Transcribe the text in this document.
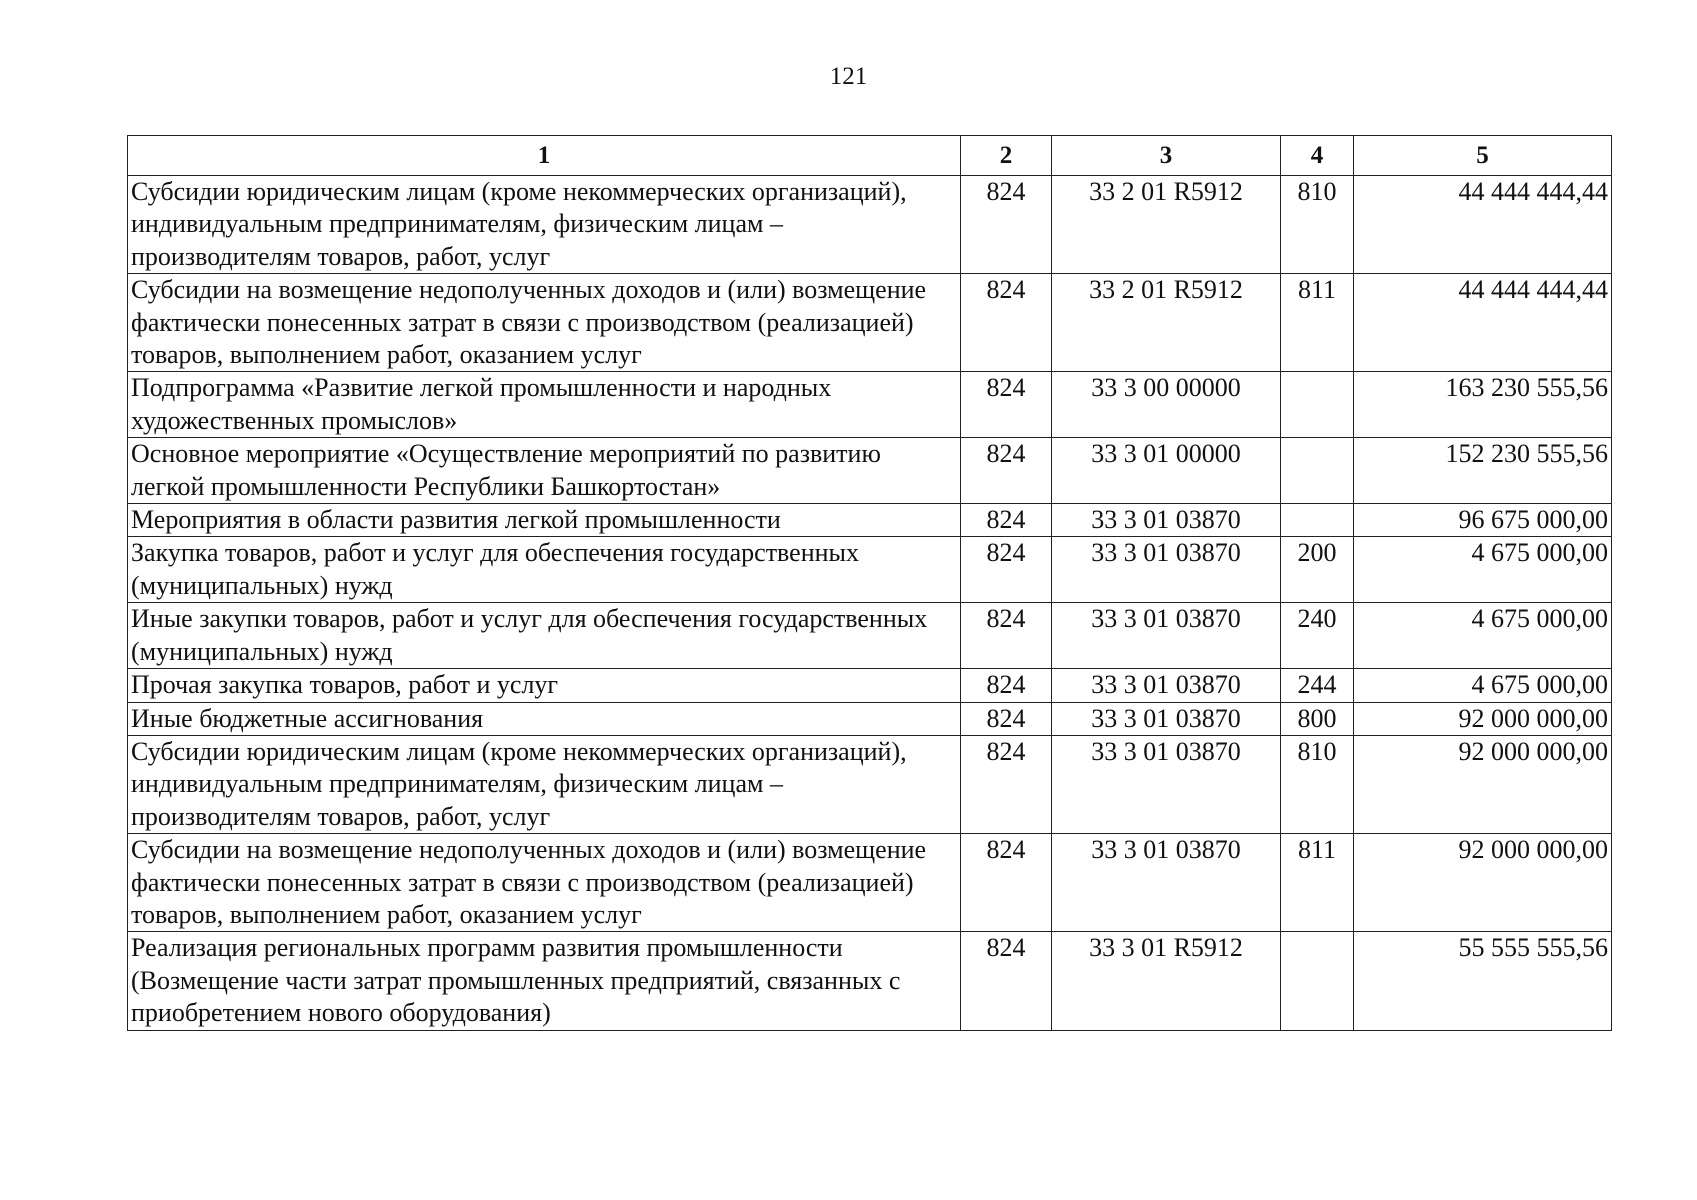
121
1	2	3	4	5
Субсидии юридическим лицам (кроме некоммерческих организаций), индивидуальным предпринимателям, физическим лицам – производителям товаров, работ, услуг	824	33 2 01 R5912	810	44 444 444,44
Субсидии на возмещение недополученных доходов и (или) возмещение фактически понесенных затрат в связи с производством (реализацией) товаров, выполнением работ, оказанием услуг	824	33 2 01 R5912	811	44 444 444,44
Подпрограмма «Развитие легкой промышленности и народных художественных промыслов»	824	33 3 00 00000		163 230 555,56
Основное мероприятие «Осуществление мероприятий по развитию легкой промышленности Республики Башкортостан»	824	33 3 01 00000		152 230 555,56
Мероприятия в области развития легкой промышленности	824	33 3 01 03870		96 675 000,00
Закупка товаров, работ и услуг для обеспечения государственных (муниципальных) нужд	824	33 3 01 03870	200	4 675 000,00
Иные закупки товаров, работ и услуг для обеспечения государственных (муниципальных) нужд	824	33 3 01 03870	240	4 675 000,00
Прочая закупка товаров, работ и услуг	824	33 3 01 03870	244	4 675 000,00
Иные бюджетные ассигнования	824	33 3 01 03870	800	92 000 000,00
Субсидии юридическим лицам (кроме некоммерческих организаций), индивидуальным предпринимателям, физическим лицам – производителям товаров, работ, услуг	824	33 3 01 03870	810	92 000 000,00
Субсидии на возмещение недополученных доходов и (или) возмещение фактически понесенных затрат в связи с производством (реализацией) товаров, выполнением работ, оказанием услуг	824	33 3 01 03870	811	92 000 000,00
Реализация региональных программ развития промышленности (Возмещение части затрат промышленных предприятий, связанных с приобретением нового оборудования)	824	33 3 01 R5912		55 555 555,56
